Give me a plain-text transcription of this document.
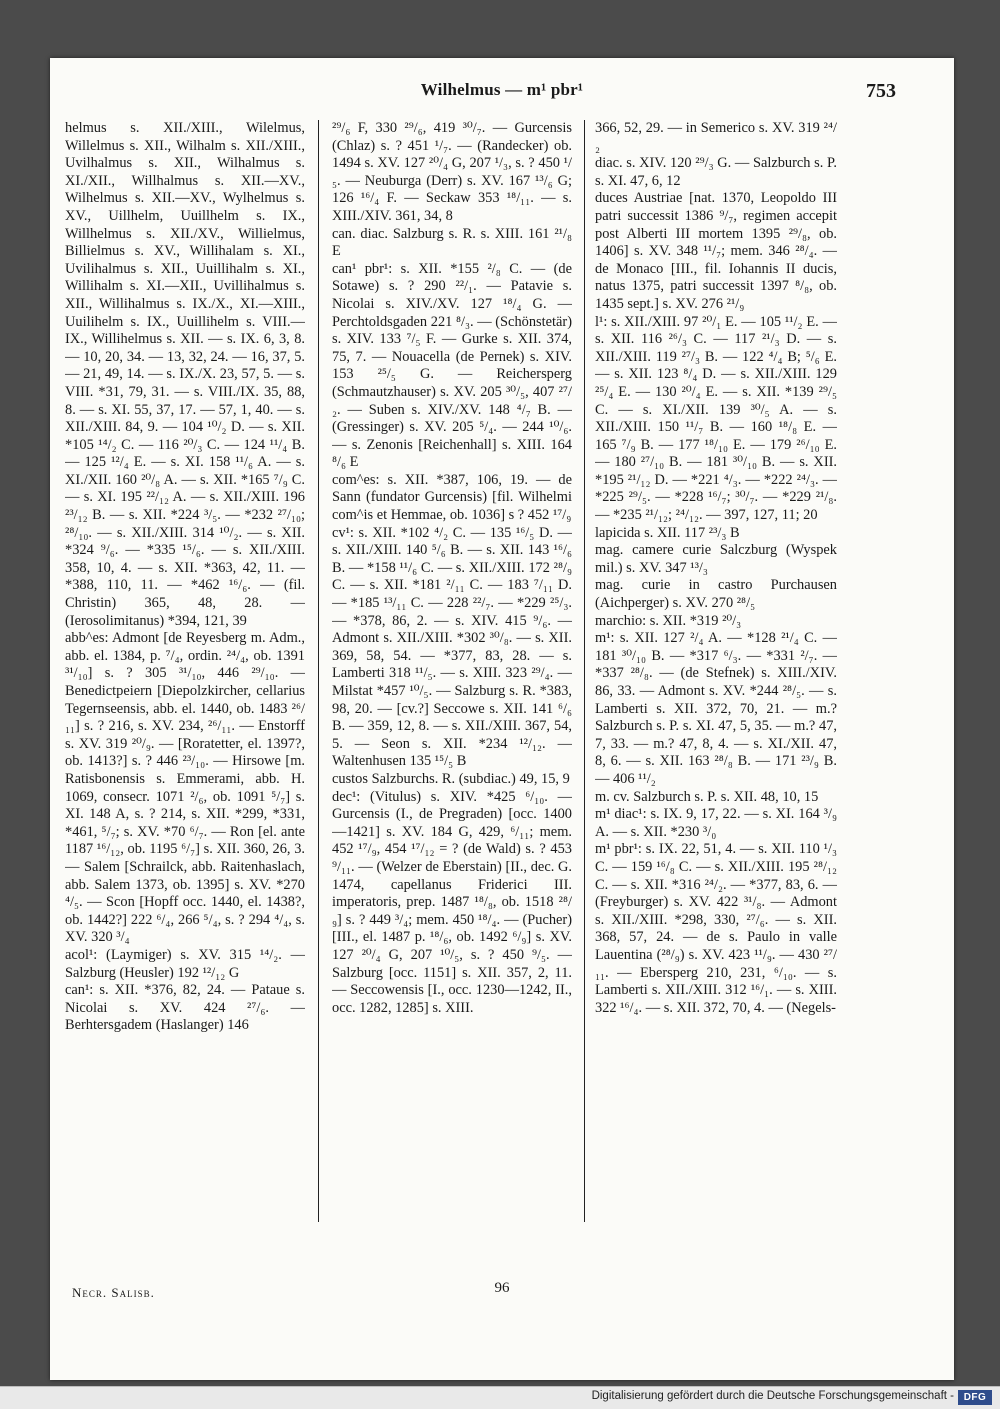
Wilhelmus — m¹ pbr¹	753

helmus s. XII./XIII., Wilelmus, Willelmus s. XII., Wilhalm s. XII./XIII., Uvilhalmus s. XII., Wilhalmus s. XI./XII., Willhalmus s. XII.—XV., Wilhelmus s. XII.—XV., Wylhelmus s. XV., Uillhelm, Uuillhelm s. IX., Willhelmus s. XII./XV., Willielmus, Billielmus s. XV., Willihalam s. XI., Uvilihalmus s. XII., Uuillihalm s. XI., Willihalm s. XI.—XII., Uvillihalmus s. XII., Willihalmus s. IX./X., XI.—XIII., Uuilihelm s. IX., Uuillihelm s. VIII.—IX., Willihelmus s. XII. — s. IX. 6, 3, 8. — 10, 20, 34. — 13, 32, 24. — 16, 37, 5. — 21, 49, 14. — s. IX./X. 23, 57, 5. — s. VIII. *31, 79, 31. — s. VIII./IX. 35, 88, 8. — s. XI. 55, 37, 17. — 57, 1, 40. — s. XII./XIII. 84, 9. — 104 ¹⁰/₂ D. — s. XII. *105 ¹⁴/₂ C. — 116 ²⁰/₃ C. — 124 ¹¹/₄ B. — 125 ¹²/₄ E. — s. XI. 158 ¹¹/₆ A. — s. XI./XII. 160 ²⁰/₈ A. — s. XII. *165 ⁷/₉ C. — s. XI. 195 ²²/₁₂ A. — s. XII./XIII. 196 ²³/₁₂ B. — s. XII. *224 ³/₅. — *232 ²⁷/₁₀; ²⁸/₁₀. — s. XII./XIII. 314 ¹⁰/₂. — s. XII. *324 ⁹/₆. — *335 ¹⁵/₆. — s. XII./XIII. 358, 10, 4. — s. XII. *363, 42, 11. — *388, 110, 11. — *462 ¹⁶/₆. — (fil. Christin) 365, 48, 28. — (Ierosolimitanus) *394, 121, 39

abb^es: Admont [de Reyesberg m. Adm., abb. el. 1384, p. ⁷/₄, ordin. ²⁴/₄, ob. 1391 ³¹/₁₀] s. ? 305 ³¹/₁₀, 446 ²⁹/₁₀. — Benedictpeiern [Diepolzkircher, cellarius Tegernseensis, abb. el. 1440, ob. 1483 ²⁶/₁₁] s. ? 216, s. XV. 234, ²⁶/₁₁. — Enstorff s. XV. 319 ²⁰/₉. — [Roratetter, el. 1397?, ob. 1413?] s. ? 446 ²³/₁₀. — Hirsowe [m. Ratisbonensis s. Emmerami, abb. H. 1069, consecr. 1071 ²/₆, ob. 1091 ⁵/₇] s. XI. 148 A, s. ? 214, s. XII. *299, *331, *461, ⁵/₇; s. XV. *70 ⁶/₇. — Ron [el. ante 1187 ¹⁶/₁₂, ob. 1195 ⁶/₇] s. XII. 360, 26, 3. — Salem [Schrailck, abb. Raitenhaslach, abb. Salem 1373, ob. 1395] s. XV. *270 ⁴/₅. — Scon [Hopff occ. 1440, el. 1438?, ob. 1442?] 222 ⁶/₄, 266 ⁵/₄, s. ? 294 ⁴/₄, s. XV. 320 ³/₄

acol¹: (Laymiger) s. XV. 315 ¹⁴/₂. — Salzburg (Heusler) 192 ¹²/₁₂ G

can¹: s. XII. *376, 82, 24. — Pataue s. Nicolai s. XV. 424 ²⁷/₆. — Berhtersgadem (Haslanger) 146

²⁹/₆ F, 330 ²⁹/₆, 419 ³⁰/₇. — Gurcensis (Chlaz) s. ? 451 ¹/₇. — (Randecker) ob. 1494 s. XV. 127 ²⁰/₄ G, 207 ¹/₃, s. ? 450 ¹/₅. — Neuburga (Derr) s. XV. 167 ¹³/₆ G; 126 ¹⁶/₄ F. — Seckaw 353 ¹⁸/₁₁. — s. XIII./XIV. 361, 34, 8

can. diac. Salzburg s. R. s. XIII. 161 ²¹/₈ E

can¹ pbr¹: s. XII. *155 ²/₈ C. — (de Sotawe) s. ? 290 ²²/₁. — Patavie s. Nicolai s. XIV./XV. 127 ¹⁸/₄ G. — Perchtoldsgaden 221 ⁸/₃. — (Schönstetär) s. XIV. 133 ⁷/₅ F. — Gurke s. XII. 374, 75, 7. — Nouacella (de Pernek) s. XIV. 153 ²⁵/₅ G. — Reichersperg (Schmautzhauser) s. XV. 205 ³⁰/₅, 407 ²⁷/₂. — Suben s. XIV./XV. 148 ⁴/₇ B. — (Gressinger) s. XV. 205 ⁵/₄. — 244 ¹⁰/₆. — s. Zenonis [Reichenhall] s. XIII. 164 ⁸/₆ E

com^es: s. XII. *387, 106, 19. — de Sann (fundator Gurcensis) [fil. Wilhelmi com^is et Hemmae, ob. 1036] s ? 452 ¹⁷/₉

cv¹: s. XII. *102 ⁴/₂ C. — 135 ¹⁶/₅ D. — s. XII./XIII. 140 ⁵/₆ B. — s. XII. 143 ¹⁶/₆ B. — *158 ¹¹/₆ C. — s. XII./XIII. 172 ²⁸/₉ C. — s. XII. *181 ²/₁₁ C. — 183 ⁷/₁₁ D. — *185 ¹³/₁₁ C. — 228 ²²/₇. — *229 ²⁵/₃. — *378, 86, 2. — s. XIV. 415 ⁹/₆. — Admont s. XII./XIII. *302 ³⁰/₈. — s. XII. 369, 58, 54. — *377, 83, 28. — s. Lamberti 318 ¹¹/₅. — s. XIII. 323 ²⁹/₄. — Milstat *457 ¹⁰/₅. — Salzburg s. R. *383, 98, 20. — [cv.?] Seccowe s. XII. 141 ⁶/₆ B. — 359, 12, 8. — s. XII./XIII. 367, 54, 5. — Seon s. XII. *234 ¹²/₁₂. — Waltenhusen 135 ¹⁵/₅ B

custos Salzburchs. R. (subdiac.) 49, 15, 9

dec¹: (Vitulus) s. XIV. *425 ⁶/₁₀. — Gurcensis (I., de Pregraden) [occ. 1400—1421] s. XV. 184 G, 429, ⁶/₁₁; mem. 452 ¹⁷/₉, 454 ¹⁷/₁₂ = ? (de Wald) s. ? 453 ⁹/₁₁. — (Welzer de Eberstain) [II., dec. G. 1474, capellanus Friderici III. imperatoris, prep. 1487 ¹⁸/₈, ob. 1518 ²⁸/₉] s. ? 449 ³/₄; mem. 450 ¹⁸/₄. — (Pucher) [III., el. 1487 p. ¹⁸/₆, ob. 1492 ⁶/₉] s. XV. 127 ²⁰/₄ G, 207 ¹⁰/₅, s. ? 450 ⁹/₅. — Salzburg [occ. 1151] s. XII. 357, 2, 11. — Seccowensis [I., occ. 1230—1242, II., occ. 1282, 1285] s. XIII.

366, 52, 29. — in Semerico s. XV. 319 ²⁴/₂

diac. s. XIV. 120 ²⁹/₃ G. — Salzburch s. P. s. XI. 47, 6, 12

duces Austriae [nat. 1370, Leopoldo III patri successit 1386 ⁹/₇, regimen accepit post Alberti III mortem 1395 ²⁹/₈, ob. 1406] s. XV. 348 ¹¹/₇; mem. 346 ²⁸/₄. — de Monaco [III., fil. Iohannis II ducis, natus 1375, patri successit 1397 ⁸/₈, ob. 1435 sept.] s. XV. 276 ²¹/₉

l¹: s. XII./XIII. 97 ²⁰/₁ E. — 105 ¹¹/₂ E. — s. XII. 116 ²⁶/₃ C. — 117 ²¹/₃ D. — s. XII./XIII. 119 ²⁷/₃ B. — 122 ⁴/₄ B; ⁵/₆ E. — s. XII. 123 ⁸/₄ D. — s. XII./XIII. 129 ²⁵/₄ E. — 130 ²⁰/₄ E. — s. XII. *139 ²⁹/₅ C. — s. XI./XII. 139 ³⁰/₅ A. — s. XII./XIII. 150 ¹¹/₇ B. — 160 ¹⁸/₈ E. — 165 ⁷/₉ B. — 177 ¹⁸/₁₀ E. — 179 ²⁶/₁₀ E. — 180 ²⁷/₁₀ B. — 181 ³⁰/₁₀ B. — s. XII. *195 ²¹/₁₂ D. — *221 ⁴/₃. — *222 ²⁴/₃. — *225 ²⁹/₅. — *228 ¹⁶/₇; ³⁰/₇. — *229 ²¹/₈. — *235 ²¹/₁₂; ²⁴/₁₂. — 397, 127, 11; 20

lapicida s. XII. 117 ²³/₃ B

mag. camere curie Salczburg (Wyspek mil.) s. XV. 347 ¹³/₃

mag. curie in castro Purchausen (Aichperger) s. XV. 270 ²⁸/₅

marchio: s. XII. *319 ²⁰/₃

m¹: s. XII. 127 ²/₄ A. — *128 ²¹/₄ C. — 181 ³⁰/₁₀ B. — *317 ⁶/₃. — *331 ²/₇. — *337 ²⁸/₈. — (de Stefnek) s. XIII./XIV. 86, 33. — Admont s. XV. *244 ²⁸/₅. — s. Lamberti s. XII. 372, 70, 21. — m.? Salzburch s. P. s. XI. 47, 5, 35. — m.? 47, 7, 33. — m.? 47, 8, 4. — s. XI./XII. 47, 8, 6. — s. XII. 163 ²⁸/₈ B. — 171 ²³/₉ B. — 406 ¹¹/₂

m. cv. Salzburch s. P. s. XII. 48, 10, 15

m¹ diac¹: s. IX. 9, 17, 22. — s. XI. 164 ³/₉ A. — s. XII. *230 ³/₀

m¹ pbr¹: s. IX. 22, 51, 4. — s. XII. 110 ¹/₃ C. — 159 ¹⁶/₈ C. — s. XII./XIII. 195 ²⁸/₁₂ C. — s. XII. *316 ²⁴/₂. — *377, 83, 6. — (Freyburger) s. XV. 422 ³¹/₈. — Admont s. XII./XIII. *298, 330, ²⁷/₆. — s. XII. 368, 57, 24. — de s. Paulo in valle Lauentina (²⁸/₉) s. XV. 423 ¹¹/₉. — 430 ²⁷/₁₁. — Ebersperg 210, 231, ⁶/₁₀. — s. Lamberti s. XII./XIII. 312 ¹⁶/₁. — s. XIII. 322 ¹⁶/₄. — s. XII. 372, 70, 4. — (Negels-

Necr. Salisb.	96
Digitalisierung gefördert durch die Deutsche Forschungsgemeinschaft - DFG
